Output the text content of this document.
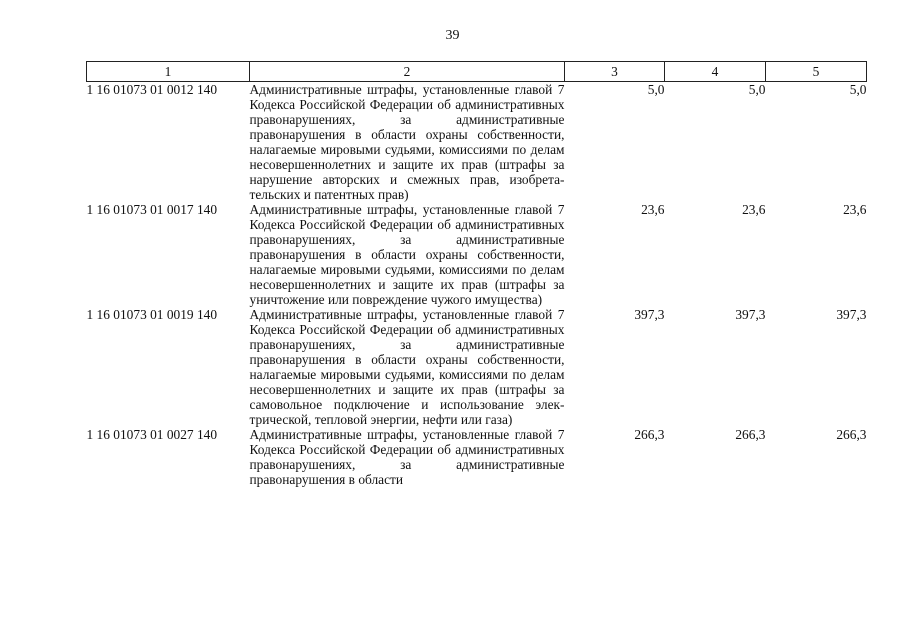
39
1	2	3	4	5
1 16 01073 01 0012 140	Административные штрафы, установленные главой 7 Кодекса Российской Федерации об административных правонарушениях, за административные правонарушения в области охраны собственности, налагаемые мировыми судьями, комиссиями по делам несовершеннолетних и защите их прав (штрафы за нарушение авторских и смежных прав, изобретательских и патентных прав)	5,0	5,0	5,0
1 16 01073 01 0017 140	Административные штрафы, установленные главой 7 Кодекса Российской Федерации об административных правонарушениях, за административные правонарушения в области охраны собственности, налагаемые мировыми судьями, комиссиями по делам несовершеннолетних и защите их прав (штрафы за уничтожение или повреждение чужого имущества)	23,6	23,6	23,6
1 16 01073 01 0019 140	Административные штрафы, установленные главой 7 Кодекса Российской Федерации об административных правонарушениях, за административные правонарушения в области охраны собственности, налагаемые мировыми судьями, комиссиями по делам несовершеннолетних и защите их прав (штрафы за самовольное подключение и использование электрической, тепловой энергии, нефти или газа)	397,3	397,3	397,3
1 16 01073 01 0027 140	Административные штрафы, установленные главой 7 Кодекса Российской Федерации об административных правонарушениях, за административные правонарушения в области	266,3	266,3	266,3
